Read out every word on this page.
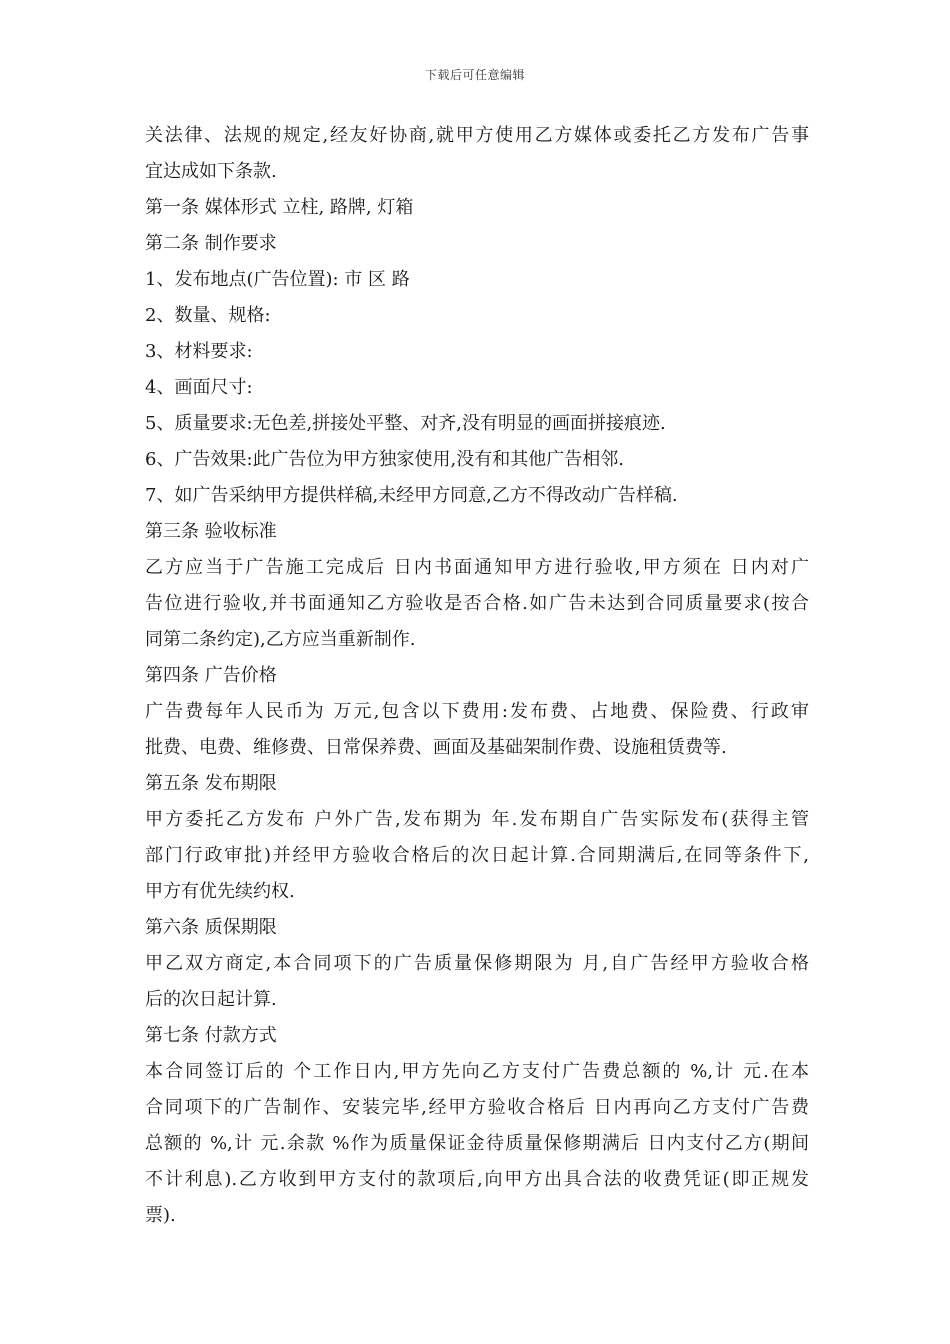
下载后可任意编辑
关法律、法规的规定,经友好协商,就甲方使用乙方媒体或委托乙方发布广告事
宜达成如下条款.
第一条 媒体形式 立柱, 路牌, 灯箱
第二条 制作要求
1、发布地点(广告位置): 市 区 路
2、数量、规格:
3、材料要求:
4、画面尺寸:
5、质量要求:无色差,拼接处平整、对齐,没有明显的画面拼接痕迹.
6、广告效果:此广告位为甲方独家使用,没有和其他广告相邻.
7、如广告采纳甲方提供样稿,未经甲方同意,乙方不得改动广告样稿.
第三条 验收标准
乙方应当于广告施工完成后 日内书面通知甲方进行验收,甲方须在 日内对广
告位进行验收,并书面通知乙方验收是否合格.如广告未达到合同质量要求(按合
同第二条约定),乙方应当重新制作.
第四条 广告价格
广告费每年人民币为 万元,包含以下费用:发布费、占地费、保险费、行政审
批费、电费、维修费、日常保养费、画面及基础架制作费、设施租赁费等.
第五条 发布期限
甲方委托乙方发布 户外广告,发布期为 年.发布期自广告实际发布(获得主管
部门行政审批)并经甲方验收合格后的次日起计算.合同期满后,在同等条件下,
甲方有优先续约权.
第六条 质保期限
甲乙双方商定,本合同项下的广告质量保修期限为 月,自广告经甲方验收合格
后的次日起计算.
第七条 付款方式
本合同签订后的 个工作日内,甲方先向乙方支付广告费总额的 %,计 元.在本
合同项下的广告制作、安装完毕,经甲方验收合格后 日内再向乙方支付广告费
总额的 %,计 元.余款 %作为质量保证金待质量保修期满后 日内支付乙方(期间
不计利息).乙方收到甲方支付的款项后,向甲方出具合法的收费凭证(即正规发
票).
